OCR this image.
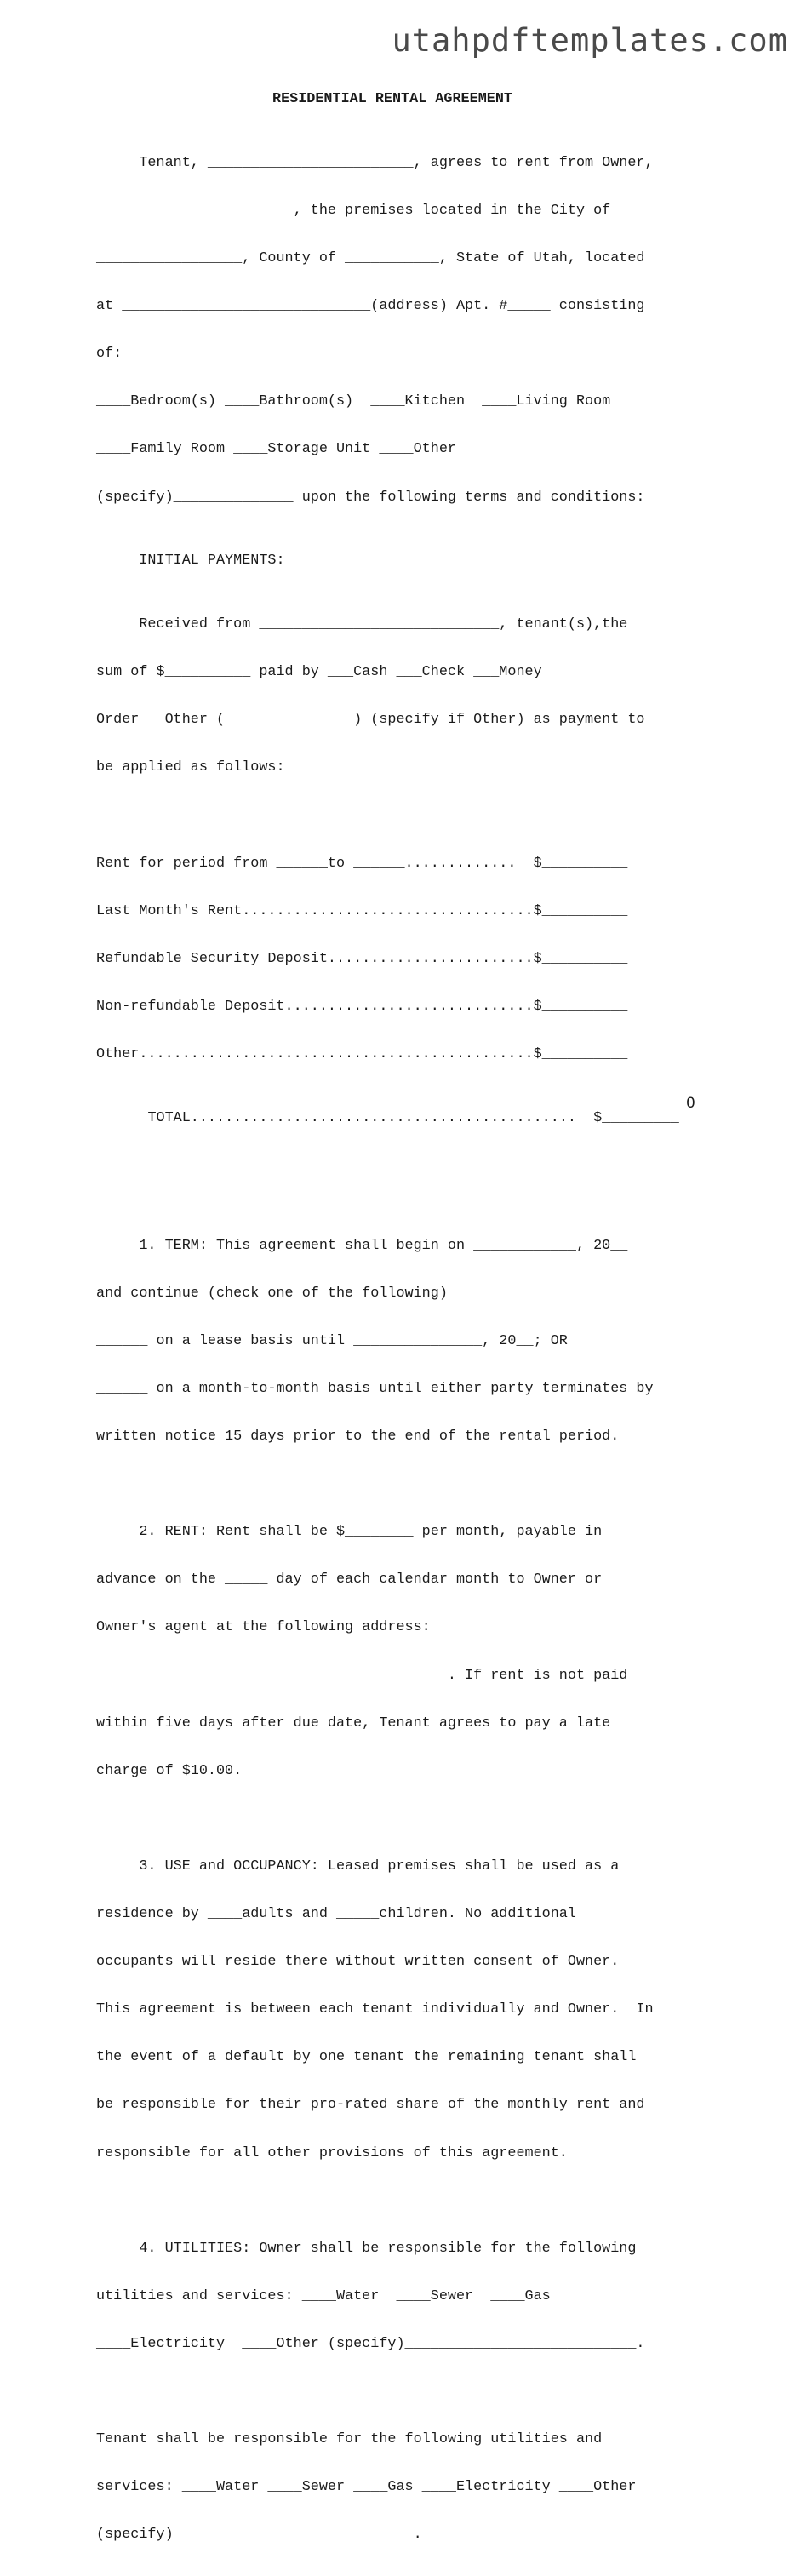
utahpdftemplates.com

RESIDENTIAL RENTAL AGREEMENT

Tenant, ________________________, agrees to rent from Owner,

_______________________, the premises located in the City of

_________________, County of ___________, State of Utah, located

at _____________________________(address) Apt. #_____ consisting

of:

____Bedroom(s) ____Bathroom(s)  ____Kitchen  ____Living Room

____Family Room ____Storage Unit ____Other

(specify)______________ upon the following terms and conditions:

INITIAL PAYMENTS:

Received from ____________________________, tenant(s),the

sum of $__________ paid by ___Cash ___Check ___Money

Order___Other (_______________) (specify if Other) as payment to

be applied as follows:

Rent for period from ______to ______.............  $__________

Last Month's Rent..................................$__________

Refundable Security Deposit........................$__________

Non-refundable Deposit.............................$__________

Other..............................................$__________

TOTAL.............................................  $_________

0

1. TERM: This agreement shall begin on ____________, 20__

and continue (check one of the following)

______ on a lease basis until _______________, 20__; OR

______ on a month-to-month basis until either party terminates by

written notice 15 days prior to the end of the rental period.

2. RENT: Rent shall be $________ per month, payable in

advance on the _____ day of each calendar month to Owner or

Owner's agent at the following address:

_________________________________________. If rent is not paid

within five days after due date, Tenant agrees to pay a late

charge of $10.00.

3. USE and OCCUPANCY: Leased premises shall be used as a

residence by ____adults and _____children. No additional

occupants will reside there without written consent of Owner.

This agreement is between each tenant individually and Owner.  In

the event of a default by one tenant the remaining tenant shall

be responsible for their pro-rated share of the monthly rent and

responsible for all other provisions of this agreement.

4. UTILITIES: Owner shall be responsible for the following

utilities and services: ____Water  ____Sewer  ____Gas

____Electricity  ____Other (specify)___________________________.

Tenant shall be responsible for the following utilities and

services: ____Water ____Sewer ____Gas ____Electricity ____Other

(specify) ___________________________.
